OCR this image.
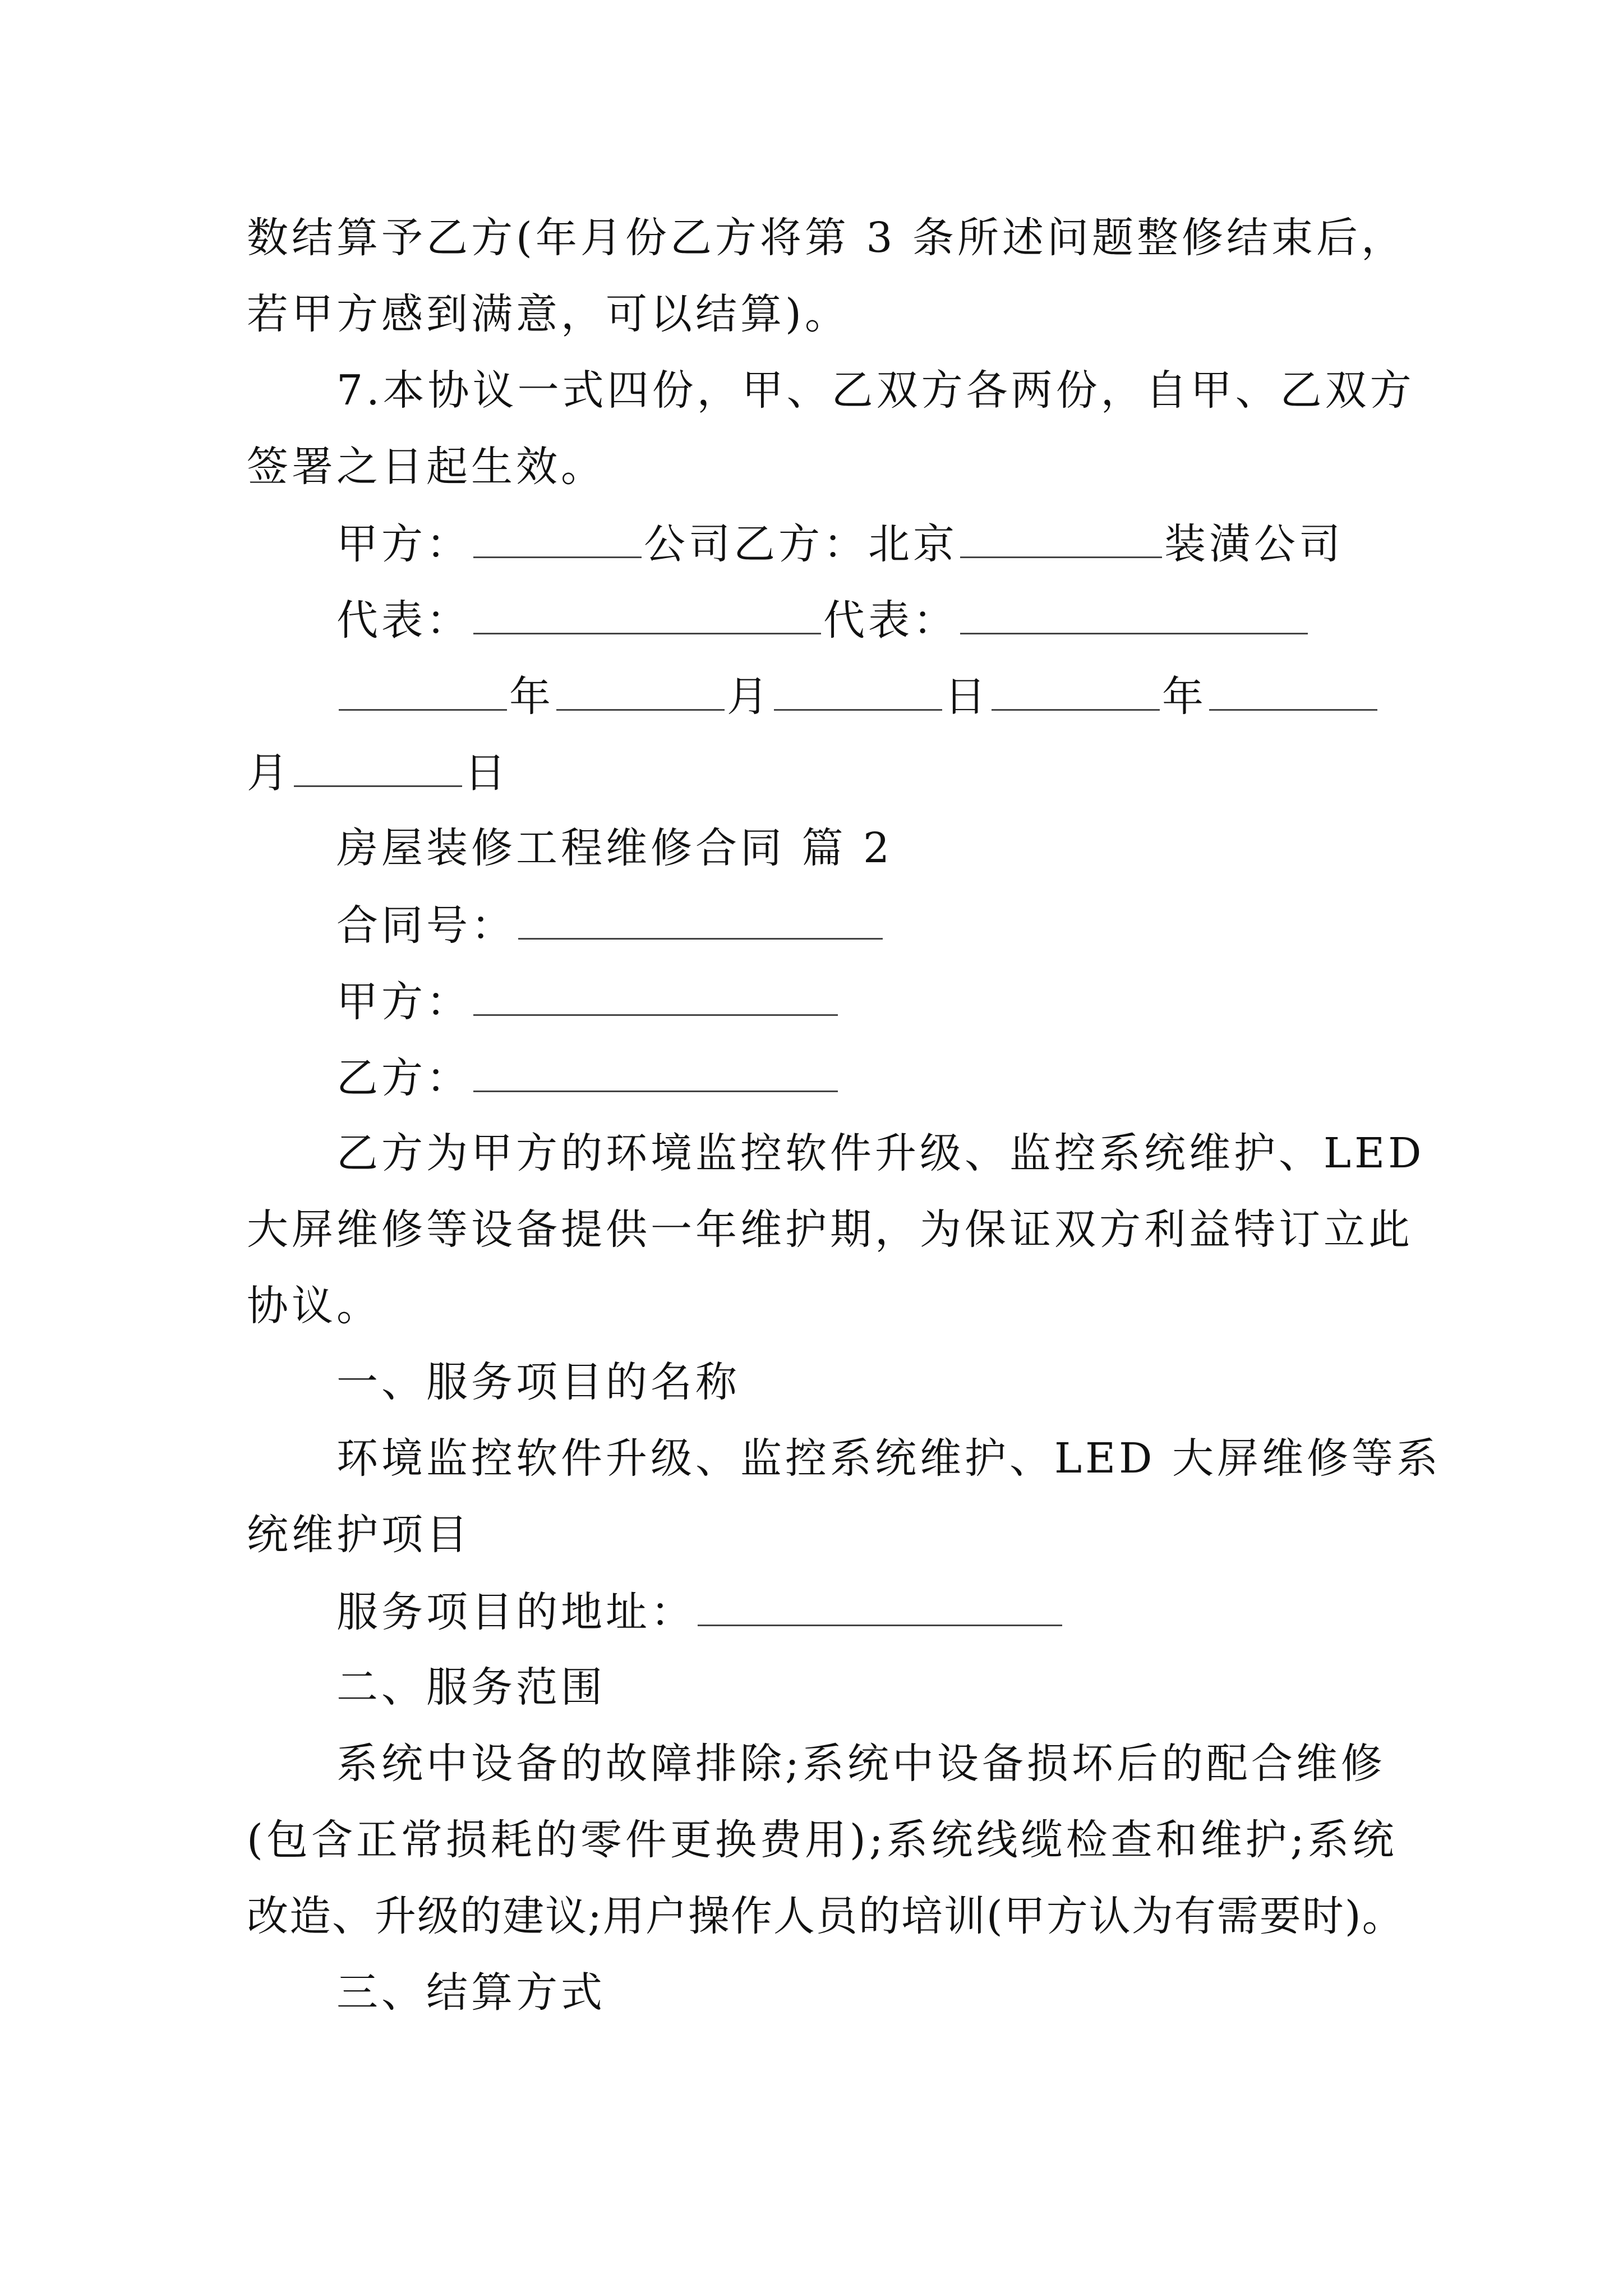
数结算予乙方(年月份乙方将第 3 条所述问题整修结束后，
若甲方感到满意，可以结算)。
7.本协议一式四份，甲、乙双方各两份，自甲、乙双方
签署之日起生效。
甲方：	公司乙方：北京	装潢公司
代表：	代表：
年	月	日	年
月	日
房屋装修工程维修合同 篇 2
合同号：
甲方：
乙方：
乙方为甲方的环境监控软件升级、监控系统维护、LED
大屏维修等设备提供一年维护期，为保证双方利益特订立此
协议。
一、服务项目的名称
环境监控软件升级、监控系统维护、LED 大屏维修等系
统维护项目
服务项目的地址：
二、服务范围
系统中设备的故障排除;系统中设备损坏后的配合维修
(包含正常损耗的零件更换费用);系统线缆检查和维护;系统
改造、升级的建议;用户操作人员的培训(甲方认为有需要时)。
三、结算方式
